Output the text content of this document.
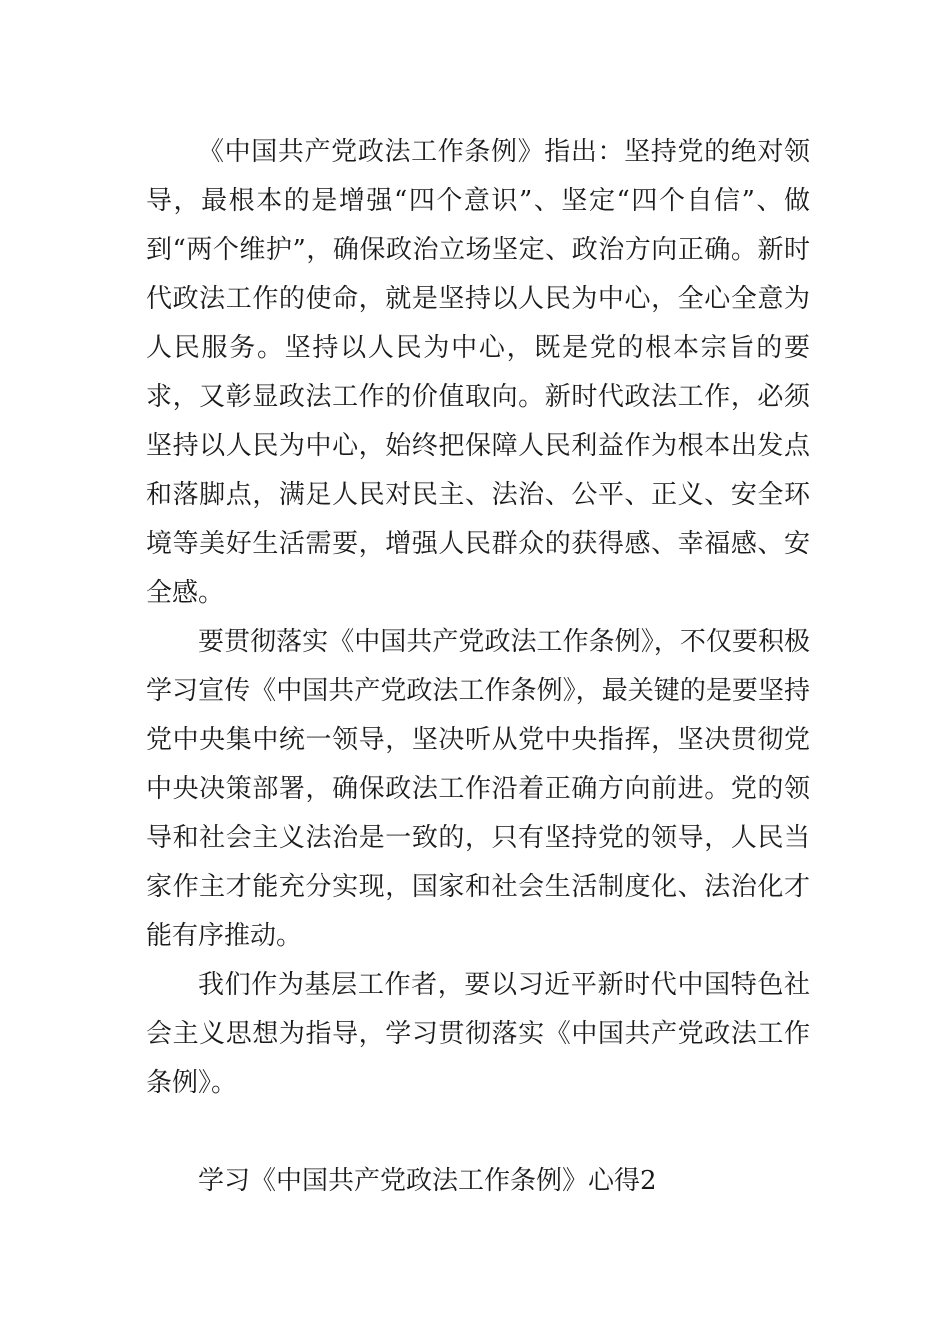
《中国共产党政法工作条例》指出：坚持党的绝对领导，最根本的是增强“四个意识”、坚定“四个自信”、做到“两个维护”，确保政治立场坚定、政治方向正确。新时代政法工作的使命，就是坚持以人民为中心，全心全意为人民服务。坚持以人民为中心，既是党的根本宗旨的要求，又彰显政法工作的价值取向。新时代政法工作，必须坚持以人民为中心，始终把保障人民利益作为根本出发点和落脚点，满足人民对民主、法治、公平、正义、安全环境等美好生活需要，增强人民群众的获得感、幸福感、安全感。

要贯彻落实《中国共产党政法工作条例》，不仅要积极学习宣传《中国共产党政法工作条例》，最关键的是要坚持党中央集中统一领导，坚决听从党中央指挥，坚决贯彻党中央决策部署，确保政法工作沿着正确方向前进。党的领导和社会主义法治是一致的，只有坚持党的领导，人民当家作主才能充分实现，国家和社会生活制度化、法治化才能有序推动。

我们作为基层工作者，要以习近平新时代中国特色社会主义思想为指导，学习贯彻落实《中国共产党政法工作条例》。

学习《中国共产党政法工作条例》心得2
